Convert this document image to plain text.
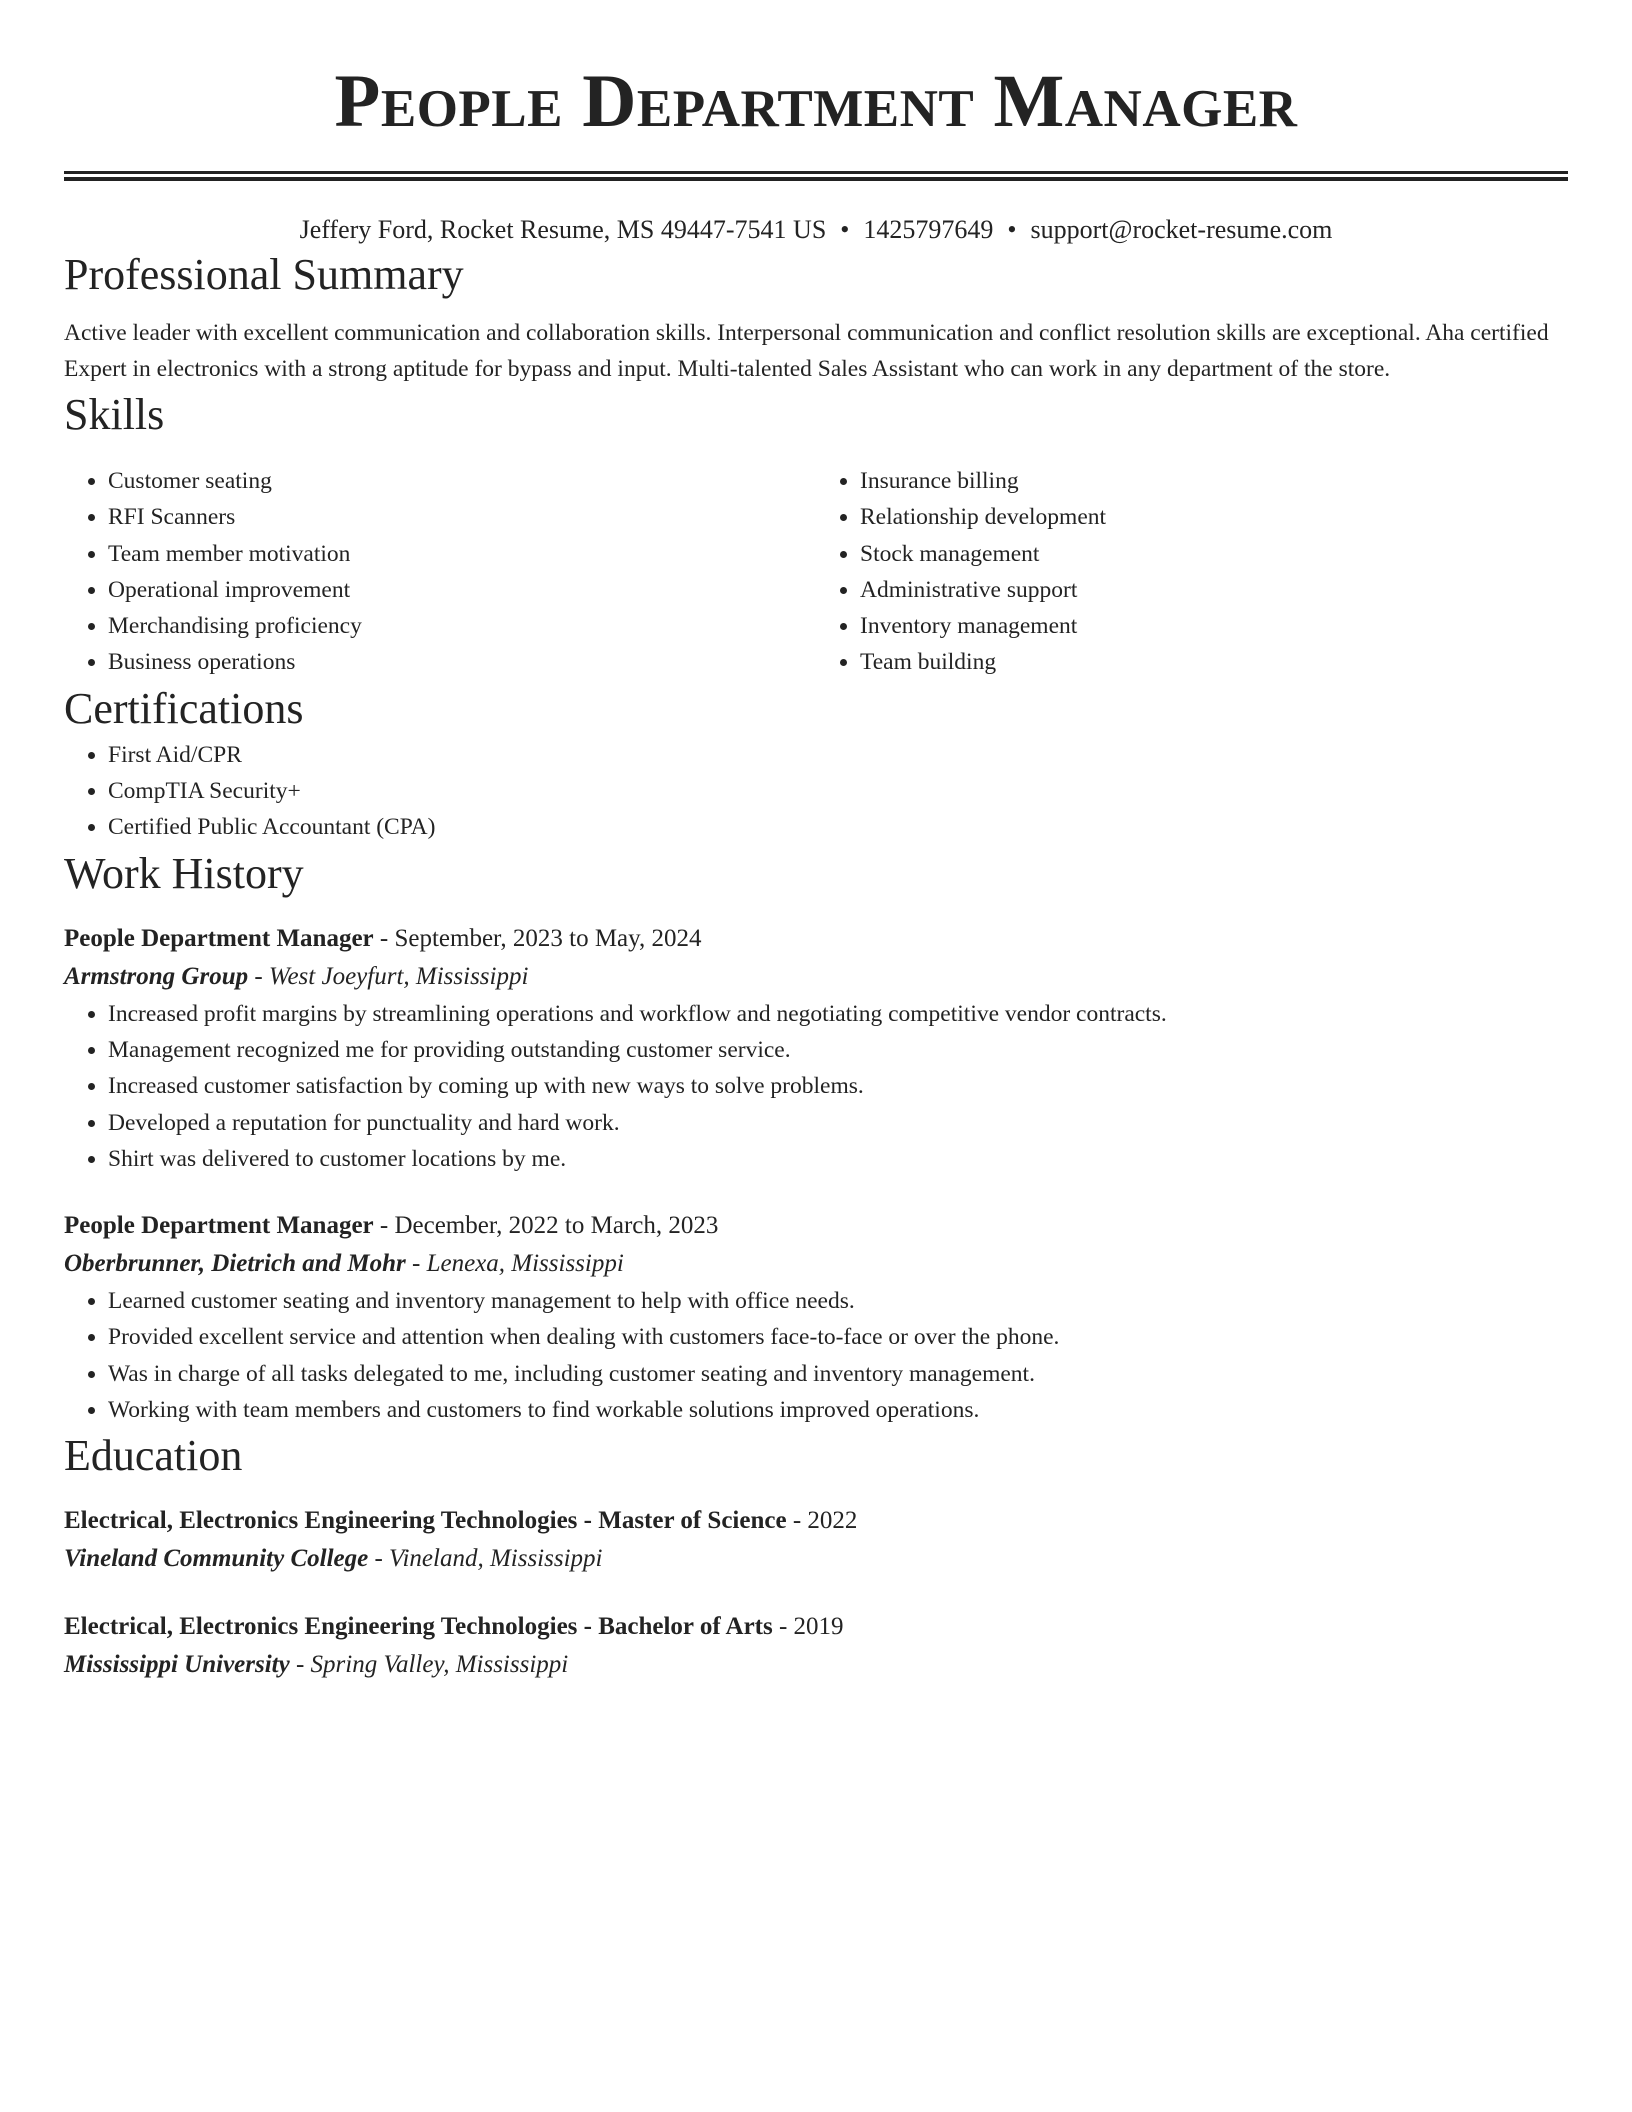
People Department Manager
Jeffery Ford, Rocket Resume, MS 49447-7541 US • 1425797649 • support@rocket-resume.com
Professional Summary

Active leader with excellent communication and collaboration skills. Interpersonal communication and conflict resolution skills are exceptional. Aha certified Expert in electronics with a strong aptitude for bypass and input. Multi-talented Sales Assistant who can work in any department of the store.

Skills
• Customer seating
• RFI Scanners
• Team member motivation
• Operational improvement
• Merchandising proficiency
• Business operations
• Insurance billing
• Relationship development
• Stock management
• Administrative support
• Inventory management
• Team building
Certifications
• First Aid/CPR
• CompTIA Security+
• Certified Public Accountant (CPA)
Work History
People Department Manager - September, 2023 to May, 2024
Armstrong Group - West Joeyfurt, Mississippi
• Increased profit margins by streamlining operations and workflow and negotiating competitive vendor contracts.
• Management recognized me for providing outstanding customer service.
• Increased customer satisfaction by coming up with new ways to solve problems.
• Developed a reputation for punctuality and hard work.
• Shirt was delivered to customer locations by me.
People Department Manager - December, 2022 to March, 2023
Oberbrunner, Dietrich and Mohr - Lenexa, Mississippi
• Learned customer seating and inventory management to help with office needs.
• Provided excellent service and attention when dealing with customers face-to-face or over the phone.
• Was in charge of all tasks delegated to me, including customer seating and inventory management.
• Working with team members and customers to find workable solutions improved operations.
Education
Electrical, Electronics Engineering Technologies - Master of Science - 2022
Vineland Community College - Vineland, Mississippi
Electrical, Electronics Engineering Technologies - Bachelor of Arts - 2019
Mississippi University - Spring Valley, Mississippi
